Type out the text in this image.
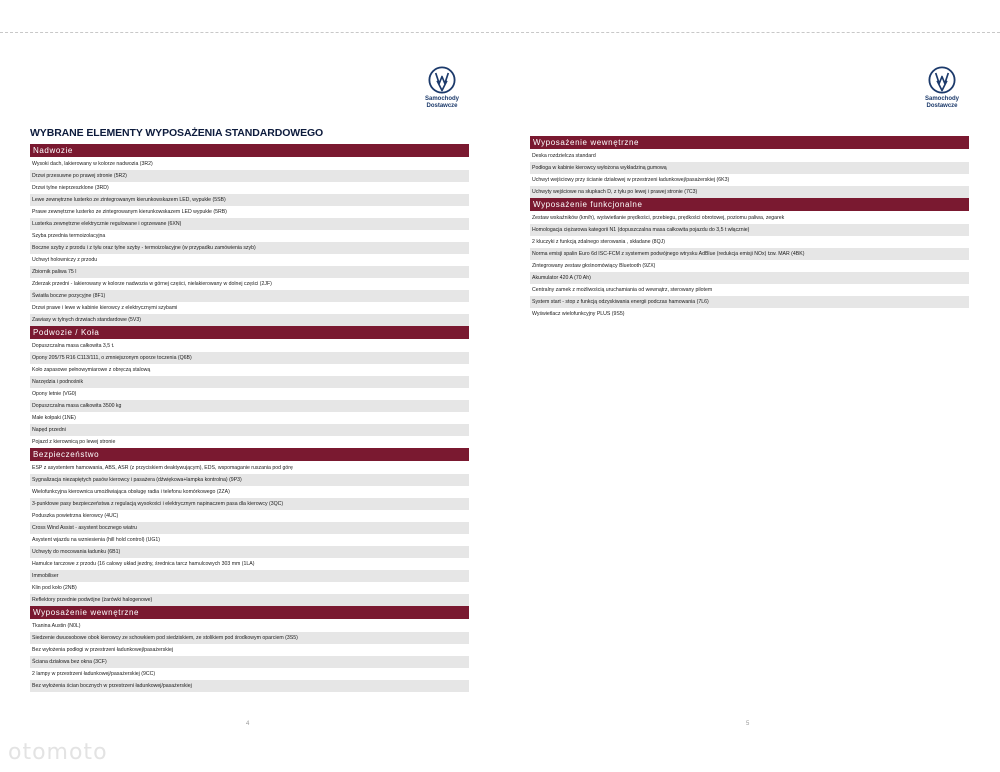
Samochody
Dostawcze
Samochody
Dostawcze
WYBRANE ELEMENTY WYPOSAŻENIA STANDARDOWEGO
Nadwozie
Wysoki dach, lakierowany w kolorze nadwozia (3R2)
Drzwi przesuwne po prawej stronie (5R2)
Drzwi tylne nieprzeszklone (3RD)
Lewe zewnętrzne lusterko ze zintegrowanym kierunkowskazem LED, wypukłe (5SB)
Prawe zewnętrzne lusterko ze zintegrowanym kierunkowskazem LED wypukłe (5RB)
Lusterka zewnętrzne elektrycznie regulowane i ogrzewane (6XN)
Szyba przednia termoizolacyjna
Boczne szyby z przodu i z tyłu oraz tylne szyby - termoizolacyjne (w przypadku zamówienia szyb)
Uchwyt holowniczy z przodu
Zbiornik paliwa 75 l
Zderzak przedni - lakierowany w kolorze nadwozia w górnej części, nielakierowany w dolnej części (2JF)
Światła boczne pozycyjne (8F1)
Drzwi prawe i lewe w kabinie kierowcy z elektrycznymi szybami
Zawiasy w tylnych drzwiach standardowe (5V3)
Podwozie / Koła
Dopuszczalna masa całkowita 3,5 t.
Opony 205/75 R16 C113/111, o zmniejszonym oporze toczenia (Q6B)
Koło zapasowe pełnowymiarowe z obręczą stalową
Narzędzia i podnośnik
Opony letnie (VG0)
Dopuszczalna masa całkowita 3500 kg
Małe kołpaki (1NE)
Napęd przedni
Pojazd z kierownicą po lewej stronie
Bezpieczeństwo
ESP z asystentem hamowania, ABS, ASR (z przyciskiem deaktywującym), EDS, wspomaganie ruszania pod górę
Sygnalizacja niezapiętych pasów kierowcy i pasażera (dźwiękowa+lampka kontrolna) (9P3)
Wielofunkcyjna kierownica umożliwiająca obsługę radia i telefonu komórkowego (2ZA)
3-punktowe pasy bezpieczeństwa z regulacją wysokości i elektrycznym napinaczem pasa dla kierowcy (3QC)
Poduszka powietrzna kierowcy (4UC)
Cross Wind Assist - asystent bocznego wiatru
Asystent wjazdu na wzniesienia (hill hold control) (UG1)
Uchwyty do mocowania ładunku (6B1)
Hamulce tarczowe z przodu (16 calowy układ jezdny, średnica tarcz hamulcowych 303 mm (1LA)
Immobiliser
Klin pod koło (2NB)
Reflektory przednie podwójne (żarówki halogenowe)
Wyposażenie wewnętrzne
Tkanina Austin (N0L)
Siedzenie dwuosobowe obok kierowcy ze schowkiem pod siedziskiem, ze stolikiem pod środkowym oparciem (3S5)
Bez wyłożenia podłogi w przestrzeni ładunkowej/pasażerskiej
Ściana działowa bez okna (3CF)
2 lampy w przestrzeni ładunkowej/pasażerskiej (9CC)
Bez wyłożenia ścian bocznych w przestrzeni ładunkowej/pasażerskiej
Wyposażenie wewnętrzne
Deska rozdzielcza standard
Podłoga w kabinie kierowcy wyłożona wykładziną gumową
Uchwyt wejściowy przy ścianie działowej w przestrzeni ładunkowej/pasażerskiej (6K3)
Uchwyty wejściowe na słupkach D, z tyłu po lewej i prawej stronie (7C3)
Wyposażenie funkcjonalne
Zestaw wskaźników (km/h), wyświetlanie prędkości, przebiegu, prędkości obrotowej, poziomu paliwa, zegarek
Homologacja ciężarowa kategorii N1 (dopuszczalna masa całkowita pojazdu do 3,5 t włącznie)
2 kluczyki z funkcją zdalnego sterowania , składane (8QJ)
Norma emisji spalin Euro 6d ISC-FCM z systemem podwójnego wtrysku AdBlue (redukcja emisji NOx) tzw. MAR (4BK)
Zintegrowany zestaw głośnomówiący Bluetooth (9ZX)
Akumulator 420 A (70 Ah)
Centralny zamek z możliwością uruchamiania od wewnątrz, sterowany pilotem
System start - stop z funkcją odzyskiwania energii podczas hamowania (7L6)
Wyświetlacz wielofunkcyjny PLUS (9S5)
4	5
otomoto
